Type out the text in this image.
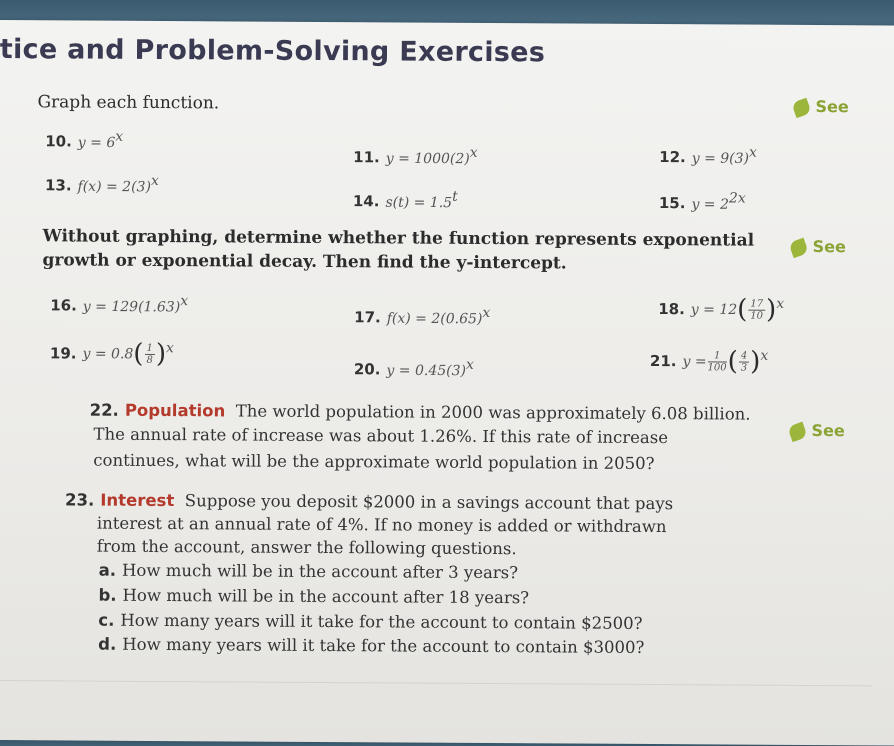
tice and Problem-Solving Exercises
Graph each function.	See
10. $y = 6^x$
11. $y = 1000(2)^x$	12. $y = 9(3)^x$
13. $f(x) = 2(3)^x$
14. $s(t) = 1.5^t$	15. $y = 2^{2x}$
Without graphing, determine whether the function represents exponential
growth or exponential decay. Then find the y-intercept.
See
16. $y = 129(1.63)^x$
17. $f(x) = 2(0.65)^x$	18. $y = 12( \frac{17}{10} )^x$
19. $y = 0.8( \frac{1}{8} )^x$
20. $y = 0.45(3)^x$	21. $y = \frac{1}{100}$ ( $\frac{4}{3} )^x$
22. Population The world population in 2000 was approximately 6.08 billion.
The annual rate of increase was about 1.26%. If this rate of increase
continues, what will be the approximate world population in 2050?
See
23. Interest Suppose you deposit $2000 in a savings account that pays
interest at an annual rate of 4%. If no money is added or withdrawn
from the account, answer the following questions.
a. How much will be in the account after 3 years?
b. How much will be in the account after 18 years?
c. How many years will it take for the account to contain $2500?
d. How many years will it take for the account to contain $3000?
